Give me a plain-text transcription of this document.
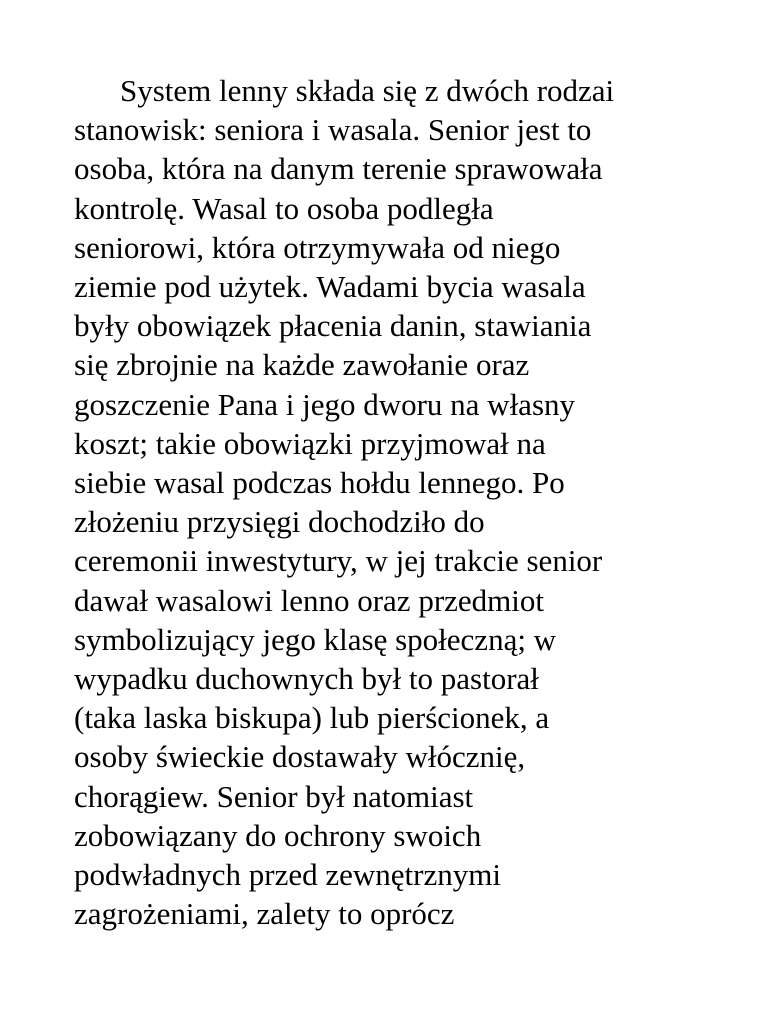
System lenny składa się z dwóch rodzai
stanowisk: seniora i wasala. Senior jest to
osoba, która na danym terenie sprawowała
kontrolę. Wasal to osoba podległa
seniorowi, która otrzymywała od niego
ziemie pod użytek. Wadami bycia wasala
były obowiązek płacenia danin, stawiania
się zbrojnie na każde zawołanie oraz
goszczenie Pana i jego dworu na własny
koszt; takie obowiązki przyjmował na
siebie wasal podczas hołdu lennego. Po
złożeniu przysięgi dochodziło do
ceremonii inwestytury, w jej trakcie senior
dawał wasalowi lenno oraz przedmiot
symbolizujący jego klasę społeczną; w
wypadku duchownych był to pastorał
(taka laska biskupa) lub pierścionek, a
osoby świeckie dostawały włócznię,
chorągiew. Senior był natomiast
zobowiązany do ochrony swoich
podwładnych przed zewnętrznymi
zagrożeniami, zalety to oprócz
